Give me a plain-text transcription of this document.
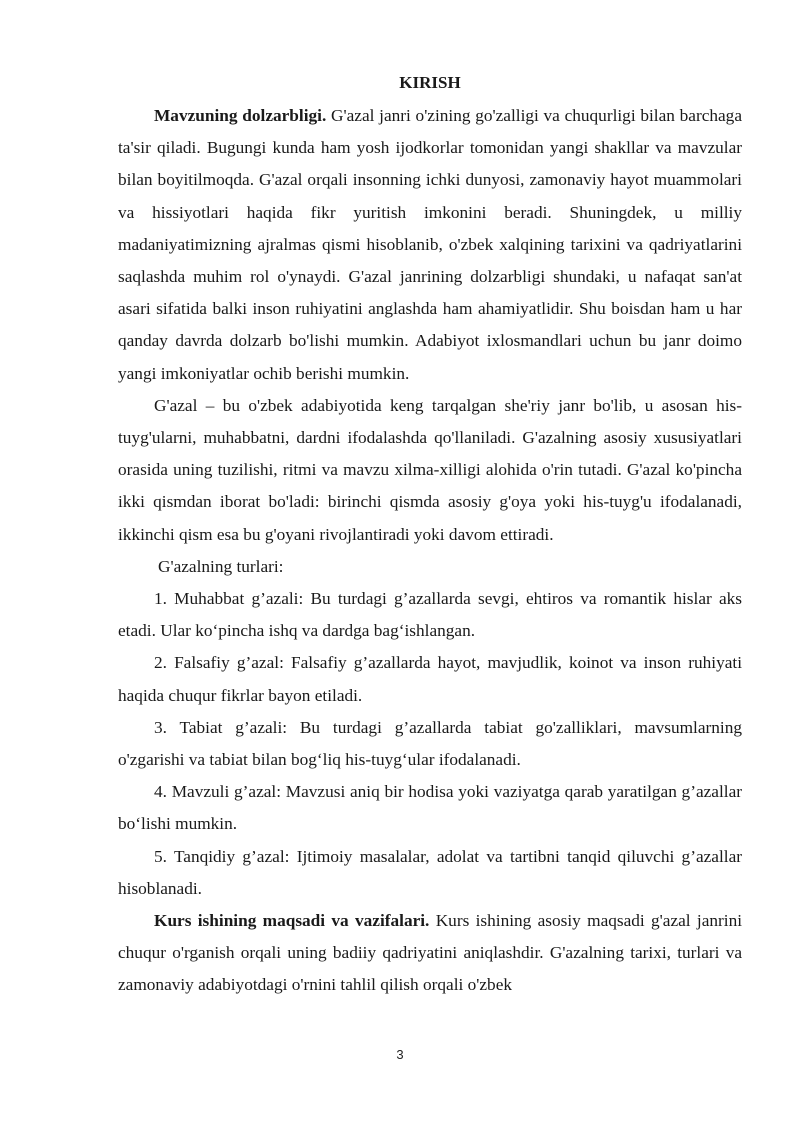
KIRISH

Mavzuning dolzarbligi. G'azal janri o'zining go'zalligi va chuqurligi bilan barchaga ta'sir qiladi. Bugungi kunda ham yosh ijodkorlar tomonidan yangi shakllar va mavzular bilan boyitilmoqda. G'azal orqali insonning ichki dunyosi, zamonaviy hayot muammolari va hissiyotlari haqida fikr yuritish imkonini beradi. Shuningdek, u milliy madaniyatimizning ajralmas qismi hisoblanib, o'zbek xalqining tarixini va qadriyatlarini saqlashda muhim rol o'ynaydi. G'azal janrining dolzarbligi shundaki, u nafaqat san'at asari sifatida balki inson ruhiyatini anglashda ham ahamiyatlidir. Shu boisdan ham u har qanday davrda dolzarb bo'lishi mumkin. Adabiyot ixlosmandlari uchun bu janr doimo yangi imkoniyatlar ochib berishi mumkin.

G'azal – bu o'zbek adabiyotida keng tarqalgan she'riy janr bo'lib, u asosan his-tuyg'ularni, muhabbatni, dardni ifodalashda qo'llaniladi. G'azalning asosiy xususiyatlari orasida uning tuzilishi, ritmi va mavzu xilma-xilligi alohida o'rin tutadi. G'azal ko'pincha ikki qismdan iborat bo'ladi: birinchi qismda asosiy g'oya yoki his-tuyg'u ifodalanadi, ikkinchi qism esa bu g'oyani rivojlantiradi yoki davom ettiradi.

G'azalning turlari:

1. Muhabbat g’azali: Bu turdagi g’azallarda sevgi, ehtiros va romantik hislar aks etadi. Ular ko‘pincha ishq va dardga bag‘ishlangan.

2. Falsafiy g’azal: Falsafiy g’azallarda hayot, mavjudlik, koinot va inson ruhiyati haqida chuqur fikrlar bayon etiladi.

3. Tabiat g’azali: Bu turdagi g’azallarda tabiat go'zalliklari, mavsumlarning o'zgarishi va tabiat bilan bog‘liq his-tuyg‘ular ifodalanadi.

4. Mavzuli g’azal: Mavzusi aniq bir hodisa yoki vaziyatga qarab yaratilgan g’azallar bo‘lishi mumkin.

5. Tanqidiy g’azal: Ijtimoiy masalalar, adolat va tartibni tanqid qiluvchi g’azallar hisoblanadi.

Kurs ishining maqsadi va vazifalari. Kurs ishining asosiy maqsadi g'azal janrini chuqur o'rganish orqali uning badiiy qadriyatini aniqlashdir. G'azalning tarixi, turlari va zamonaviy adabiyotdagi o'rnini tahlil qilish orqali o'zbek

3
